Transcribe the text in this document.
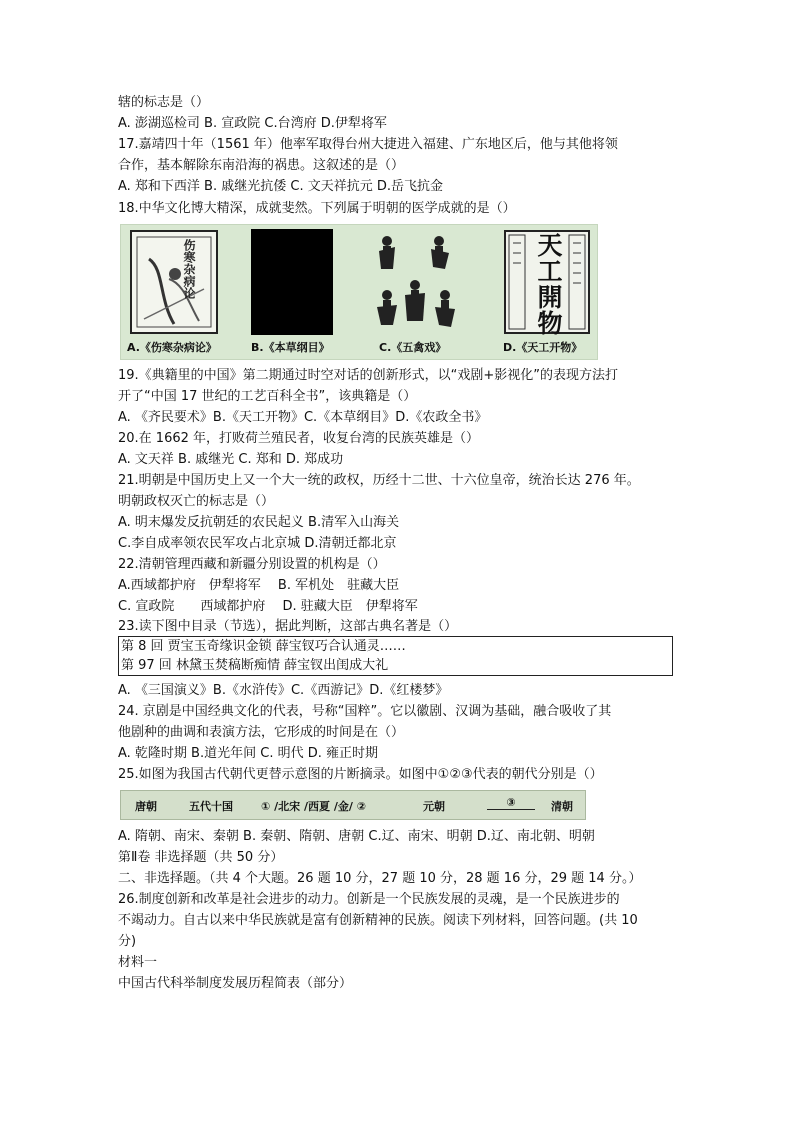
辖的标志是（）
A. 澎湖巡检司 B. 宣政院 C.台湾府 D.伊犁将军
17.嘉靖四十年（1561 年）他率军取得台州大捷进入福建、广东地区后，他与其他将领
合作，基本解除东南沿海的祸患。这叙述的是（）
A. 郑和下西洋 B. 戚继光抗倭 C. 文天祥抗元 D.岳飞抗金
18.中华文化博大精深，成就斐然。下列属于明朝的医学成就的是（）
伤寒杂病论	天工開物
A.《伤寒杂病论》	B.《本草纲目》	C.《五禽戏》	D.《天工开物》
19.《典籍里的中国》第二期通过时空对话的创新形式，以“戏剧+影视化”的表现方法打
开了“中国 17 世纪的工艺百科全书”，该典籍是（）
A. 《齐民要术》B.《天工开物》C.《本草纲目》D.《农政全书》
20.在 1662 年，打败荷兰殖民者，收复台湾的民族英雄是（）
A. 文天祥 B. 戚继光 C. 郑和 D. 郑成功
21.明朝是中国历史上又一个大一统的政权，历经十二世、十六位皇帝，统治长达 276 年。
明朝政权灭亡的标志是（）
A. 明末爆发反抗朝廷的农民起义 B.清军入山海关
C.李自成率领农民军攻占北京城 D.清朝迁都北京
22.清朝管理西藏和新疆分别设置的机构是（）
A.西域都护府　伊犁将军　 B. 军机处　驻藏大臣
C. 宣政院　　西域都护府　 D. 驻藏大臣　伊犁将军
23.读下图中目录（节选），据此判断，这部古典名著是（）
第 8 回 贾宝玉奇缘识金锁 薛宝钗巧合认通灵……
第 97 回 林黛玉焚稿断痴情 薛宝钗出闺成大礼
A. 《三国演义》B.《水浒传》C.《西游记》D.《红楼梦》
24. 京剧是中国经典文化的代表，号称“国粹”。它以徽剧、汉调为基础，融合吸收了其
他剧种的曲调和表演方法，它形成的时间是在（）
A. 乾隆时期 B.道光年间 C. 明代 D. 雍正时期
25.如图为我国古代朝代更替示意图的片断摘录。如图中①②③代表的朝代分别是（）
唐朝	五代十国	① /北宋 /西夏 /金/ ②	元朝	③	清朝
A. 隋朝、南宋、秦朝 B. 秦朝、隋朝、唐朝 C.辽、南宋、明朝 D.辽、南北朝、明朝
第Ⅱ卷 非选择题（共 50 分）
二、非选择题。（共 4 个大题。26 题 10 分，27 题 10 分，28 题 16 分，29 题 14 分。）
26.制度创新和改革是社会进步的动力。创新是一个民族发展的灵魂，是一个民族进步的
不竭动力。自古以来中华民族就是富有创新精神的民族。阅读下列材料，回答问题。(共 10
分)
材料一
中国古代科举制度发展历程简表（部分）
